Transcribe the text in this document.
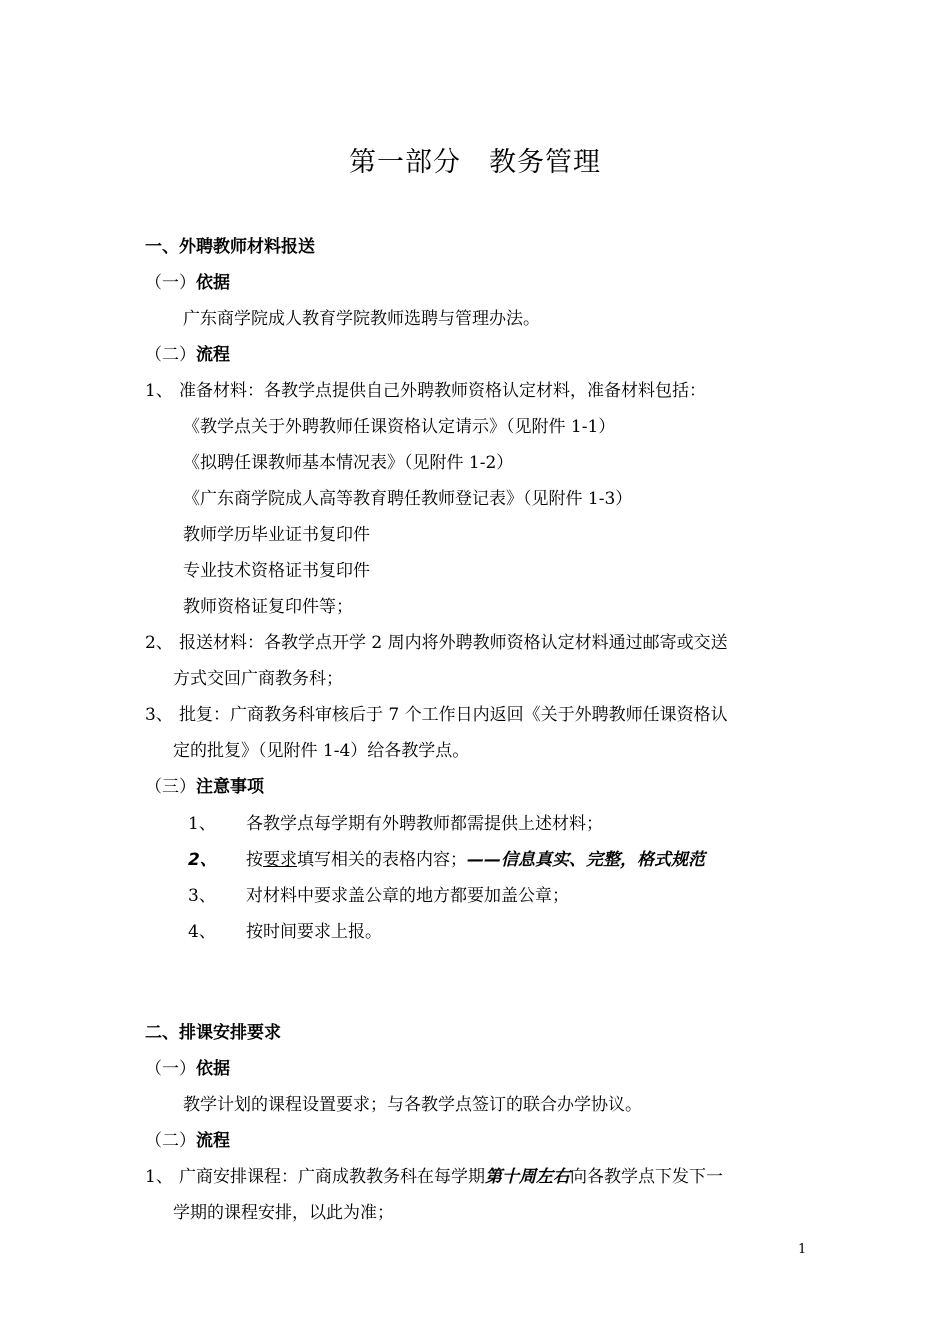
第一部分　教务管理
一、外聘教师材料报送
（一）依据
广东商学院成人教育学院教师选聘与管理办法。
（二）流程
1、 准备材料：各教学点提供自己外聘教师资格认定材料，准备材料包括：
《教学点关于外聘教师任课资格认定请示》（见附件 1-1）
《拟聘任课教师基本情况表》（见附件 1-2）
《广东商学院成人高等教育聘任教师登记表》（见附件 1-3）
教师学历毕业证书复印件
专业技术资格证书复印件
教师资格证复印件等；
2、 报送材料：各教学点开学 2 周内将外聘教师资格认定材料通过邮寄或交送
方式交回广商教务科；
3、 批复：广商教务科审核后于 7 个工作日内返回《关于外聘教师任课资格认
定的批复》（见附件 1-4）给各教学点。
（三）注意事项
1、 各教学点每学期有外聘教师都需提供上述材料；
2、 按要求填写相关的表格内容；——信息真实、完整，格式规范
3、 对材料中要求盖公章的地方都要加盖公章；
4、 按时间要求上报。
二、排课安排要求
（一）依据
教学计划的课程设置要求；与各教学点签订的联合办学协议。
（二）流程
1、 广商安排课程：广商成教教务科在每学期第十周左右向各教学点下发下一
学期的课程安排，以此为准；
1
